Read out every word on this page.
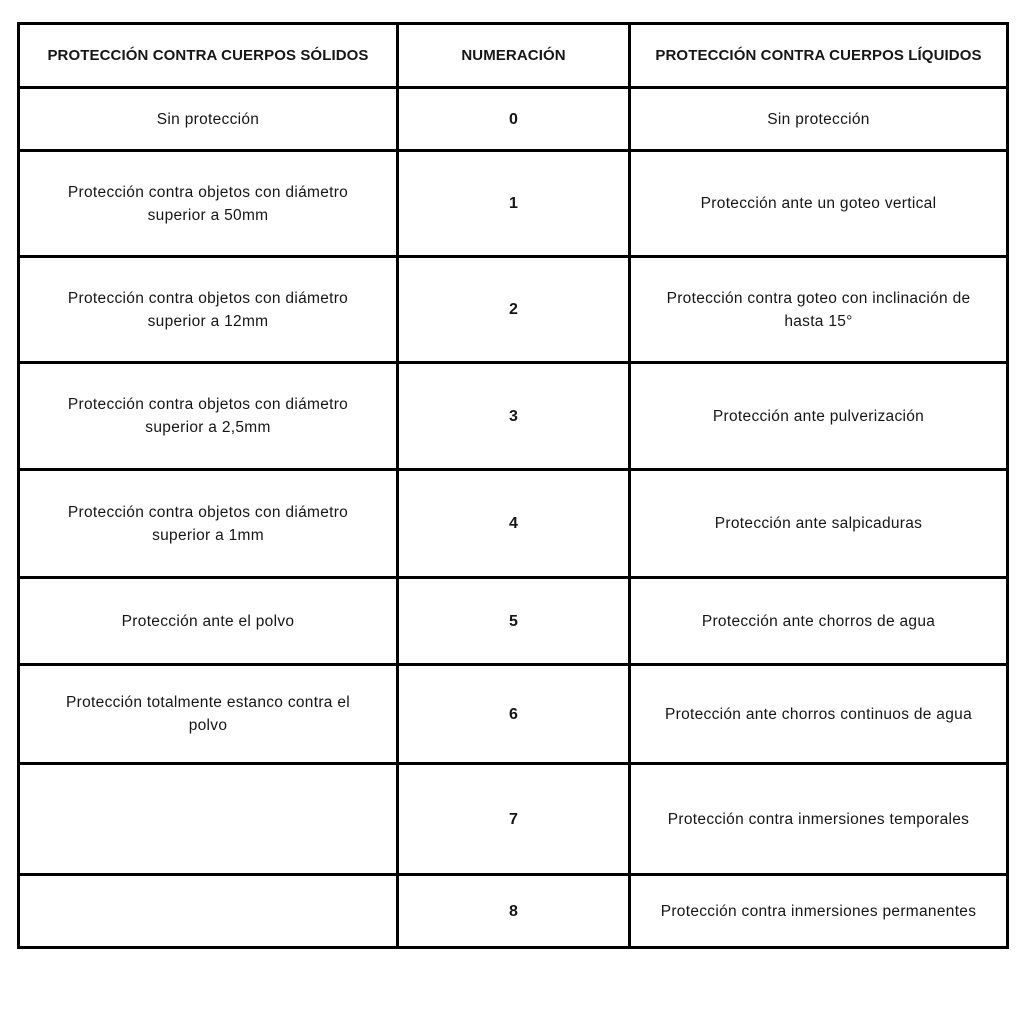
PROTECCIÓN CONTRA CUERPOS SÓLIDOS	NUMERACIÓN	PROTECCIÓN CONTRA CUERPOS LÍQUIDOS
Sin protección	0	Sin protección
Protección contra objetos con diámetro superior a 50mm	1	Protección ante un goteo vertical
Protección contra objetos con diámetro superior a 12mm	2	Protección contra goteo con inclinación de hasta 15°
Protección contra objetos con diámetro superior a 2,5mm	3	Protección ante pulverización
Protección contra objetos con diámetro superior a 1mm	4	Protección ante salpicaduras
Protección ante el polvo	5	Protección ante chorros de agua
Protección totalmente estanco contra el polvo	6	Protección ante chorros continuos de agua
	7	Protección contra inmersiones temporales
	8	Protección contra inmersiones permanentes
